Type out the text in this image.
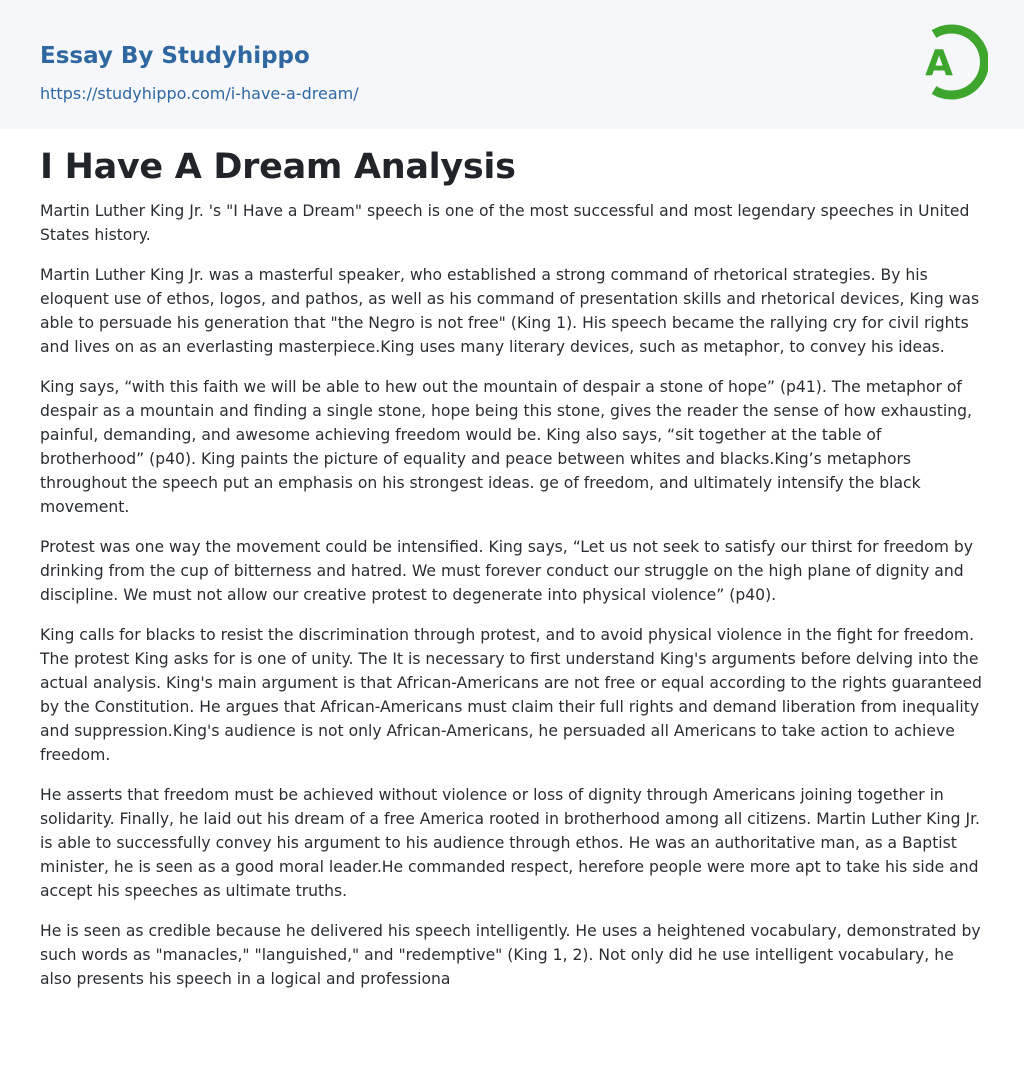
Essay By Studyhippo
https://studyhippo.com/i-have-a-dream/
A
I Have A Dream Analysis

Martin Luther King Jr. 's "I Have a Dream" speech is one of the most successful and most legendary speeches in United States history.

Martin Luther King Jr. was a masterful speaker, who established a strong command of rhetorical strategies. By his eloquent use of ethos, logos, and pathos, as well as his command of presentation skills and rhetorical devices, King was able to persuade his generation that "the Negro is not free" (King 1). His speech became the rallying cry for civil rights and lives on as an everlasting masterpiece.King uses many literary devices, such as metaphor, to convey his ideas.

King says, “with this faith we will be able to hew out the mountain of despair a stone of hope” (p41). The metaphor of despair as a mountain and finding a single stone, hope being this stone, gives the reader the sense of how exhausting, painful, demanding, and awesome achieving freedom would be. King also says, “sit together at the table of brotherhood” (p40). King paints the picture of equality and peace between whites and blacks.King’s metaphors throughout the speech put an emphasis on his strongest ideas. ge of freedom, and ultimately intensify the black movement.

Protest was one way the movement could be intensified. King says, “Let us not seek to satisfy our thirst for freedom by drinking from the cup of bitterness and hatred. We must forever conduct our struggle on the high plane of dignity and discipline. We must not allow our creative protest to degenerate into physical violence” (p40).

King calls for blacks to resist the discrimination through protest, and to avoid physical violence in the fight for freedom. The protest King asks for is one of unity. The It is necessary to first understand King's arguments before delving into the actual analysis. King's main argument is that African-Americans are not free or equal according to the rights guaranteed by the Constitution. He argues that African-Americans must claim their full rights and demand liberation from inequality and suppression.King's audience is not only African-Americans, he persuaded all Americans to take action to achieve freedom.

He asserts that freedom must be achieved without violence or loss of dignity through Americans joining together in solidarity. Finally, he laid out his dream of a free America rooted in brotherhood among all citizens. Martin Luther King Jr. is able to successfully convey his argument to his audience through ethos. He was an authoritative man, as a Baptist minister, he is seen as a good moral leader.He commanded respect, herefore people were more apt to take his side and accept his speeches as ultimate truths.

He is seen as credible because he delivered his speech intelligently. He uses a heightened vocabulary, demonstrated by such words as "manacles," "languished," and "redemptive" (King 1, 2). Not only did he use intelligent vocabulary, he also presents his speech in a logical and professiona
